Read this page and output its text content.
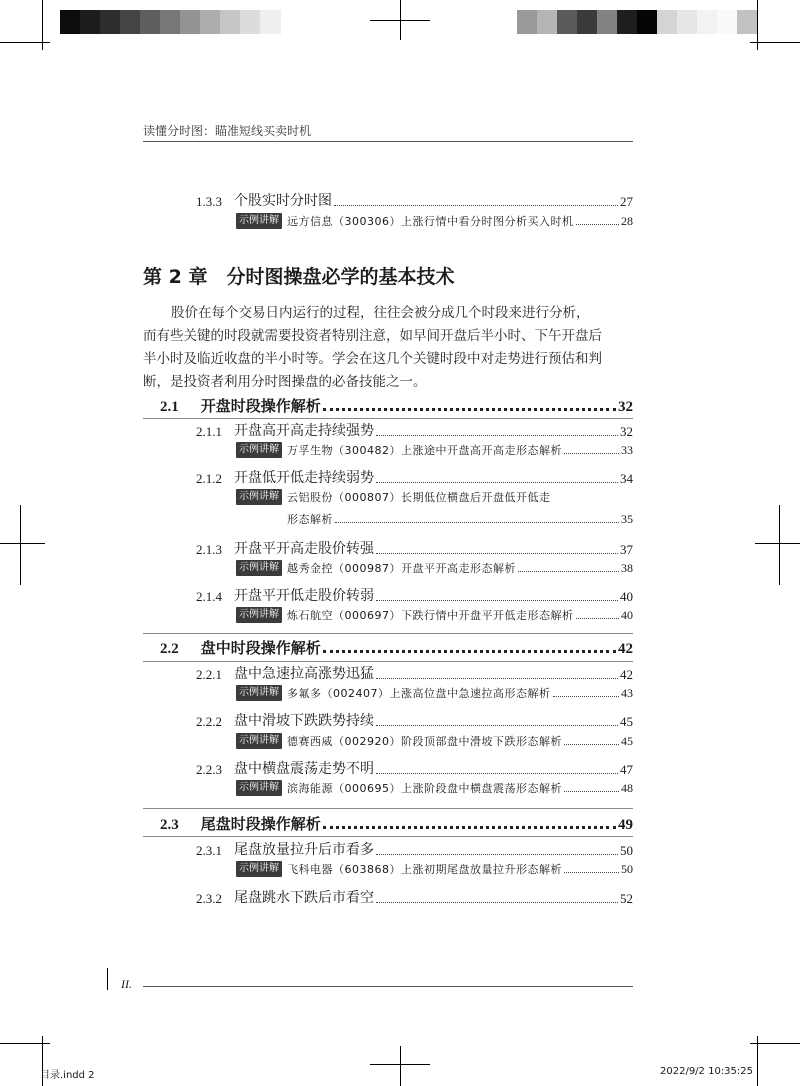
读懂分时图：瞄准短线买卖时机
1.3.3 个股实时分时图	27
示例讲解 远方信息（300306）上涨行情中看分时图分析买入时机	28
第 2 章　分时图操盘必学的基本技术
股价在每个交易日内运行的过程，往往会被分成几个时段来进行分析，
而有些关键的时段就需要投资者特别注意，如早间开盘后半小时、下午开盘后
半小时及临近收盘的半小时等。学会在这几个关键时段中对走势进行预估和判
断，是投资者利用分时图操盘的必备技能之一。
2.1 开盘时段操作解析	32
2.1.1 开盘高开高走持续强势	32
示例讲解 万孚生物（300482）上涨途中开盘高开高走形态解析	33
2.1.2 开盘低开低走持续弱势	34
示例讲解 云铝股份（000807）长期低位横盘后开盘低开低走
形态解析	35
2.1.3 开盘平开高走股价转强	37
示例讲解 越秀金控（000987）开盘平开高走形态解析	38
2.1.4 开盘平开低走股价转弱	40
示例讲解 炼石航空（000697）下跌行情中开盘平开低走形态解析	40
2.2 盘中时段操作解析	42
2.2.1 盘中急速拉高涨势迅猛	42
示例讲解 多氟多（002407）上涨高位盘中急速拉高形态解析	43
2.2.2 盘中滑坡下跌跌势持续	45
示例讲解 德赛西威（002920）阶段顶部盘中滑坡下跌形态解析	45
2.2.3 盘中横盘震荡走势不明	47
示例讲解 滨海能源（000695）上涨阶段盘中横盘震荡形态解析	48
2.3 尾盘时段操作解析	49
2.3.1 尾盘放量拉升后市看多	50
示例讲解 飞科电器（603868）上涨初期尾盘放量拉升形态解析	50
2.3.2 尾盘跳水下跌后市看空	52
II.
目录.indd 2	2022/9/2 10:35:25
